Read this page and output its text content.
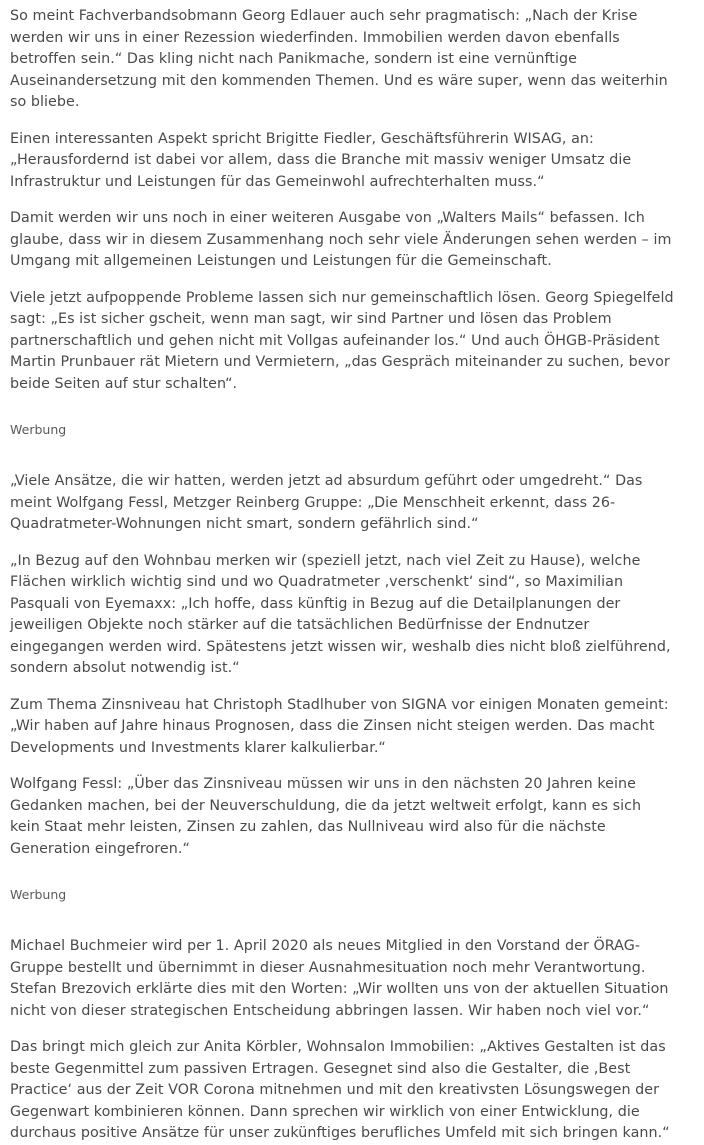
So meint Fachverbandsobmann Georg Edlauer auch sehr pragmatisch: „Nach der Krise werden wir uns in einer Rezession wiederfinden. Immobilien werden davon ebenfalls betroffen sein.“ Das kling nicht nach Panikmache, sondern ist eine vernünftige Auseinandersetzung mit den kommenden Themen. Und es wäre super, wenn das weiterhin so bliebe.

Einen interessanten Aspekt spricht Brigitte Fiedler, Geschäftsführerin WISAG, an: „Herausfordernd ist dabei vor allem, dass die Branche mit massiv weniger Umsatz die Infrastruktur und Leistungen für das Gemeinwohl aufrechterhalten muss.“

Damit werden wir uns noch in einer weiteren Ausgabe von „Walters Mails“ befassen. Ich glaube, dass wir in diesem Zusammenhang noch sehr viele Änderungen sehen werden – im Umgang mit allgemeinen Leistungen und Leistungen für die Gemeinschaft.

Viele jetzt aufpoppende Probleme lassen sich nur gemeinschaftlich lösen. Georg Spiegelfeld sagt: „Es ist sicher gscheit, wenn man sagt, wir sind Partner und lösen das Problem partnerschaftlich und gehen nicht mit Vollgas aufeinander los.“ Und auch ÖHGB-Präsident Martin Prunbauer rät Mietern und Vermietern, „das Gespräch miteinander zu suchen, bevor beide Seiten auf stur schalten“.

Werbung

„Viele Ansätze, die wir hatten, werden jetzt ad absurdum geführt oder umgedreht.“ Das meint Wolfgang Fessl, Metzger Reinberg Gruppe: „Die Menschheit erkennt, dass 26-Quadratmeter-Wohnungen nicht smart, sondern gefährlich sind.“

„In Bezug auf den Wohnbau merken wir (speziell jetzt, nach viel Zeit zu Hause), welche Flächen wirklich wichtig sind und wo Quadratmeter ‚verschenkt‘ sind“, so Maximilian Pasquali von Eyemaxx: „Ich hoffe, dass künftig in Bezug auf die Detailplanungen der jeweiligen Objekte noch stärker auf die tatsächlichen Bedürfnisse der Endnutzer eingegangen werden wird. Spätestens jetzt wissen wir, weshalb dies nicht bloß zielführend, sondern absolut notwendig ist.“

Zum Thema Zinsniveau hat Christoph Stadlhuber von SIGNA vor einigen Monaten gemeint: „Wir haben auf Jahre hinaus Prognosen, dass die Zinsen nicht steigen werden. Das macht Developments und Investments klarer kalkulierbar.“

Wolfgang Fessl: „Über das Zinsniveau müssen wir uns in den nächsten 20 Jahren keine Gedanken machen, bei der Neuverschuldung, die da jetzt weltweit erfolgt, kann es sich kein Staat mehr leisten, Zinsen zu zahlen, das Nullniveau wird also für die nächste Generation eingefroren.“

Werbung

Michael Buchmeier wird per 1. April 2020 als neues Mitglied in den Vorstand der ÖRAG-Gruppe bestellt und übernimmt in dieser Ausnahmesituation noch mehr Verantwortung. Stefan Brezovich erklärte dies mit den Worten: „Wir wollten uns von der aktuellen Situation nicht von dieser strategischen Entscheidung abbringen lassen. Wir haben noch viel vor.“

Das bringt mich gleich zur Anita Körbler, Wohnsalon Immobilien: „Aktives Gestalten ist das beste Gegenmittel zum passiven Ertragen. Gesegnet sind also die Gestalter, die ‚Best Practice‘ aus der Zeit VOR Corona mitnehmen und mit den kreativsten Lösungswegen der Gegenwart kombinieren können. Dann sprechen wir wirklich von einer Entwicklung, die durchaus positive Ansätze für unser zukünftiges berufliches Umfeld mit sich bringen kann.“
